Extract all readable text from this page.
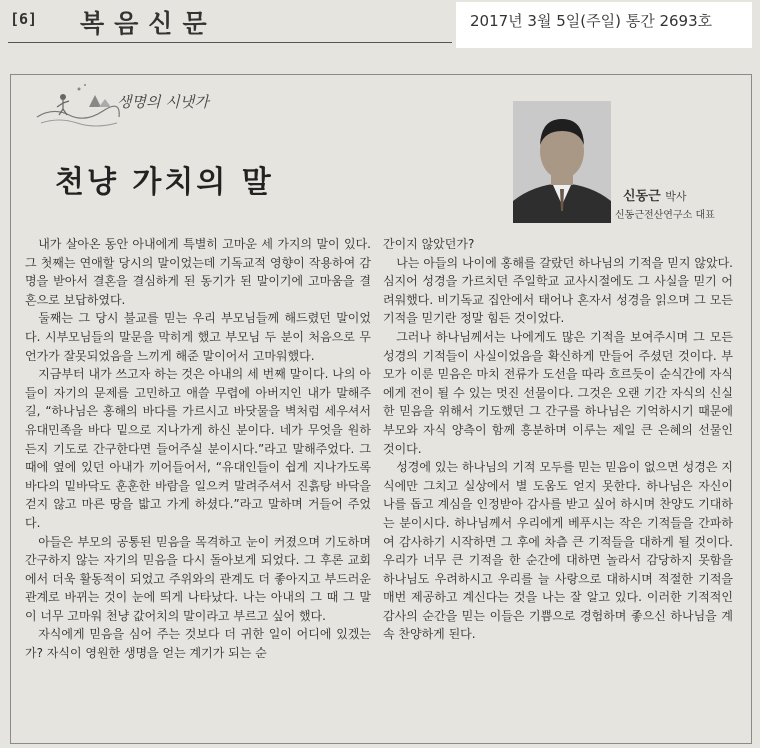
[6] 복음신문	2017년 3월 5일(주일) 통간 2693호
생명의 시냇가
천냥 가치의 말	신동근 박사
신동근전산연구소 대표

내가 살아온 동안 아내에게 특별히 고마운 세 가지의 말이 있다. 그 첫째는 연애할 당시의 말이었는데 기독교적 영향이 작용하여 감명을 받아서 결혼을 결심하게 된 동기가 된 말이기에 고마움을 결혼으로 보답하였다.

둘째는 그 당시 불교를 믿는 우리 부모님들께 해드렸던 말이었다. 시부모님들의 말문을 막히게 했고 부모님 두 분이 처음으로 무언가가 잘못되었음을 느끼게 해준 말이어서 고마워했다.

지금부터 내가 쓰고자 하는 것은 아내의 세 번째 말이다. 나의 아들이 자기의 문제를 고민하고 애쓸 무렵에 아버지인 내가 말해주길, “하나님은 홍해의 바다를 가르시고 바닷물을 벽처럼 세우셔서 유대민족을 바다 밑으로 지나가게 하신 분이다. 네가 무엇을 원하든지 기도로 간구한다면 들어주실 분이시다.”라고 말해주었다. 그 때에 옆에 있던 아내가 끼어들어서, “유대인들이 쉽게 지나가도록 바다의 밑바닥도 훈훈한 바람을 일으켜 말려주셔서 진흙탕 바닥을 걷지 않고 마른 땅을 밟고 가게 하셨다.”라고 말하며 거들어 주었다.

아들은 부모의 공통된 믿음을 목격하고 눈이 커졌으며 기도하며 간구하지 않는 자기의 믿음을 다시 돌아보게 되었다. 그 후론 교회에서 더욱 활동적이 되었고 주위와의 관계도 더 좋아지고 부드러운 관계로 바뀌는 것이 눈에 띄게 나타났다. 나는 아내의 그 때 그 말이 너무 고마워 천냥 값어치의 말이라고 부르고 싶어 했다.

자식에게 믿음을 심어 주는 것보다 더 귀한 일이 어디에 있겠는가? 자식이 영원한 생명을 얻는 계기가 되는 순

간이지 않았던가?

나는 아들의 나이에 홍해를 갈랐던 하나님의 기적을 믿지 않았다. 심지어 성경을 가르치던 주일학교 교사시절에도 그 사실을 믿기 어려워했다. 비기독교 집안에서 태어나 혼자서 성경을 읽으며 그 모든 기적을 믿기란 정말 힘든 것이었다.

그러나 하나님께서는 나에게도 많은 기적을 보여주시며 그 모든 성경의 기적들이 사실이었음을 확신하게 만들어 주셨던 것이다. 부모가 이룬 믿음은 마치 전류가 도선을 따라 흐르듯이 순식간에 자식에게 전이 될 수 있는 멋진 선물이다. 그것은 오랜 기간 자식의 신실한 믿음을 위해서 기도했던 그 간구를 하나님은 기억하시기 때문에 부모와 자식 양측이 함께 흥분하며 이루는 제일 큰 은혜의 선물인 것이다.

성경에 있는 하나님의 기적 모두를 믿는 믿음이 없으면 성경은 지식에만 그치고 실상에서 별 도움도 얻지 못한다. 하나님은 자신이 나를 돕고 계심을 인정받아 감사를 받고 싶어 하시며 찬양도 기대하는 분이시다. 하나님께서 우리에게 베푸시는 작은 기적들을 간파하여 감사하기 시작하면 그 후에 차츰 큰 기적들을 대하게 될 것이다. 우리가 너무 큰 기적을 한 순간에 대하면 놀라서 감당하지 못함을 하나님도 우려하시고 우리를 늘 사랑으로 대하시며 적절한 기적을 매번 제공하고 계신다는 것을 나는 잘 알고 있다. 이러한 기적적인 감사의 순간을 믿는 이들은 기쁨으로 경험하며 좋으신 하나님을 계속 찬양하게 된다.
